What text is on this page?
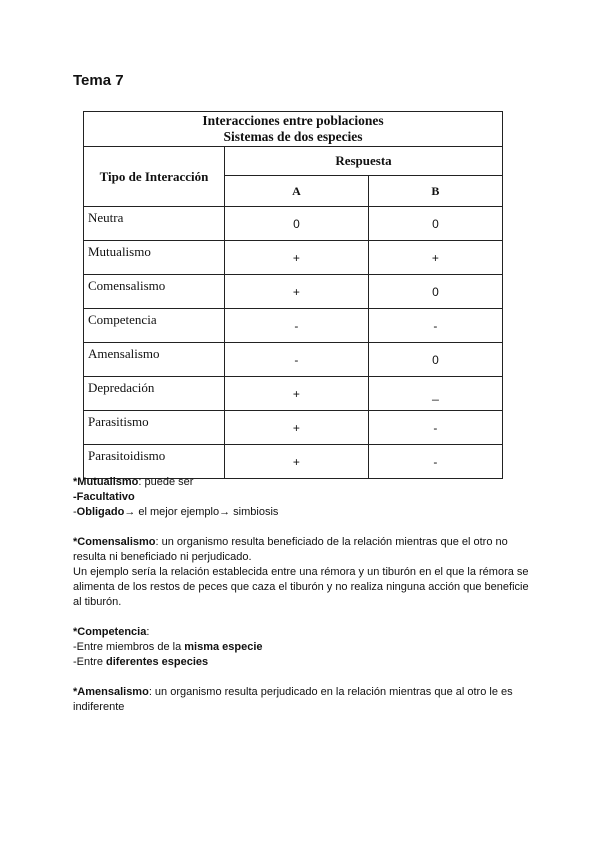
Tema 7
Interacciones entre poblaciones
Sistemas de dos especies		

Tipo de Interacción	Respuesta	
	A	B
Neutra	0	0
Mutualismo	+	+
Comensalismo	+	0
Competencia	-	-
Amensalismo	-	0
Depredación	+	_
Parasitismo	+	-
Parasitoidismo	+	-

*Mutualismo: puede ser

-Facultativo

-Obligado→ el mejor ejemplo→ simbiosis

*Comensalismo: un organismo resulta beneficiado de la relación mientras que el otro no resulta ni beneficiado ni perjudicado.

Un ejemplo sería la relación establecida entre una rémora y un tiburón en el que la rémora se alimenta de los restos de peces que caza el tiburón y no realiza ninguna acción que beneficie al tiburón.

*Competencia:

-Entre miembros de la misma especie

-Entre diferentes especies

*Amensalismo: un organismo resulta perjudicado en la relación mientras que al otro le es indiferente
